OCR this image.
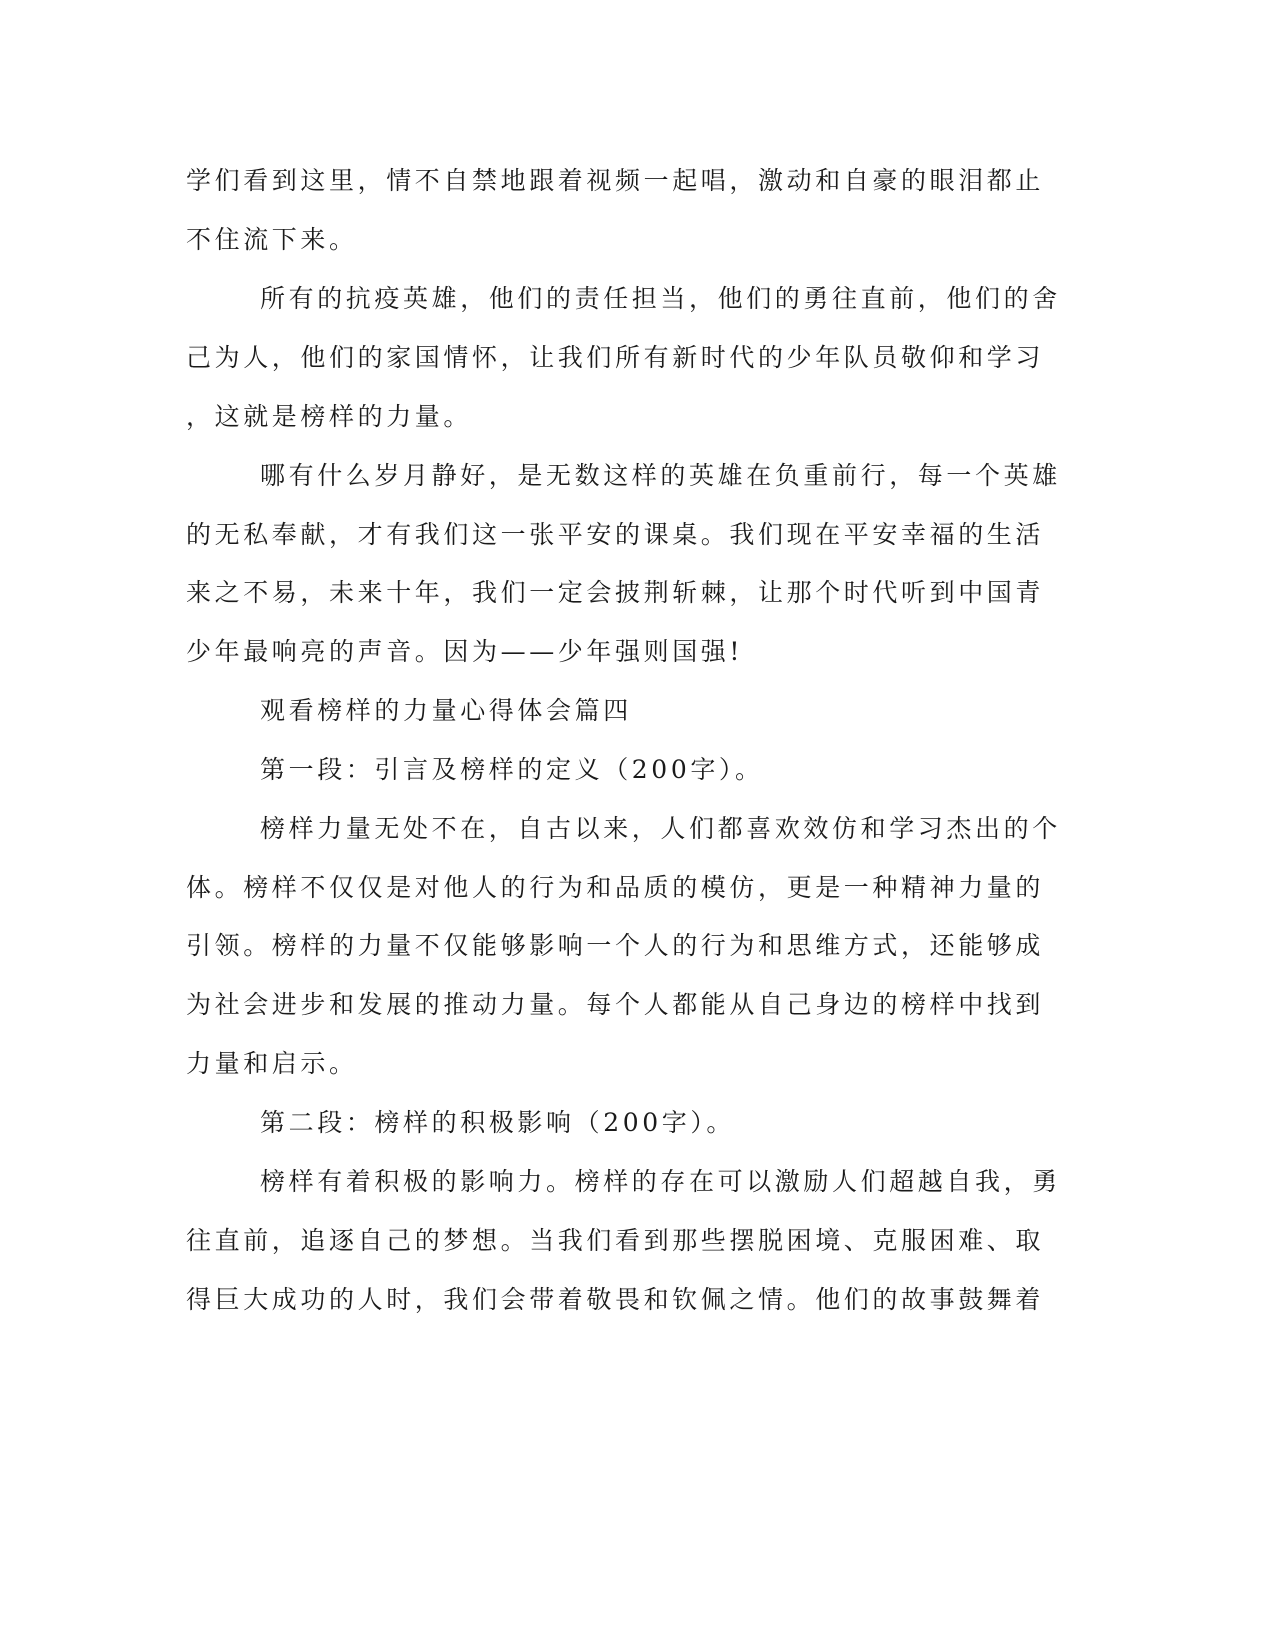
学们看到这里，情不自禁地跟着视频一起唱，激动和自豪的眼泪都止

不住流下来。

所有的抗疫英雄，他们的责任担当，他们的勇往直前，他们的舍

己为人，他们的家国情怀，让我们所有新时代的少年队员敬仰和学习

，这就是榜样的力量。

哪有什么岁月静好，是无数这样的英雄在负重前行，每一个英雄

的无私奉献，才有我们这一张平安的课桌。我们现在平安幸福的生活

来之不易，未来十年，我们一定会披荆斩棘，让那个时代听到中国青

少年最响亮的声音。因为——少年强则国强!

观看榜样的力量心得体会篇四

第一段：引言及榜样的定义（200字）。

榜样力量无处不在，自古以来，人们都喜欢效仿和学习杰出的个

体。榜样不仅仅是对他人的行为和品质的模仿，更是一种精神力量的

引领。榜样的力量不仅能够影响一个人的行为和思维方式，还能够成

为社会进步和发展的推动力量。每个人都能从自己身边的榜样中找到

力量和启示。

第二段：榜样的积极影响（200字）。

榜样有着积极的影响力。榜样的存在可以激励人们超越自我，勇

往直前，追逐自己的梦想。当我们看到那些摆脱困境、克服困难、取

得巨大成功的人时，我们会带着敬畏和钦佩之情。他们的故事鼓舞着
